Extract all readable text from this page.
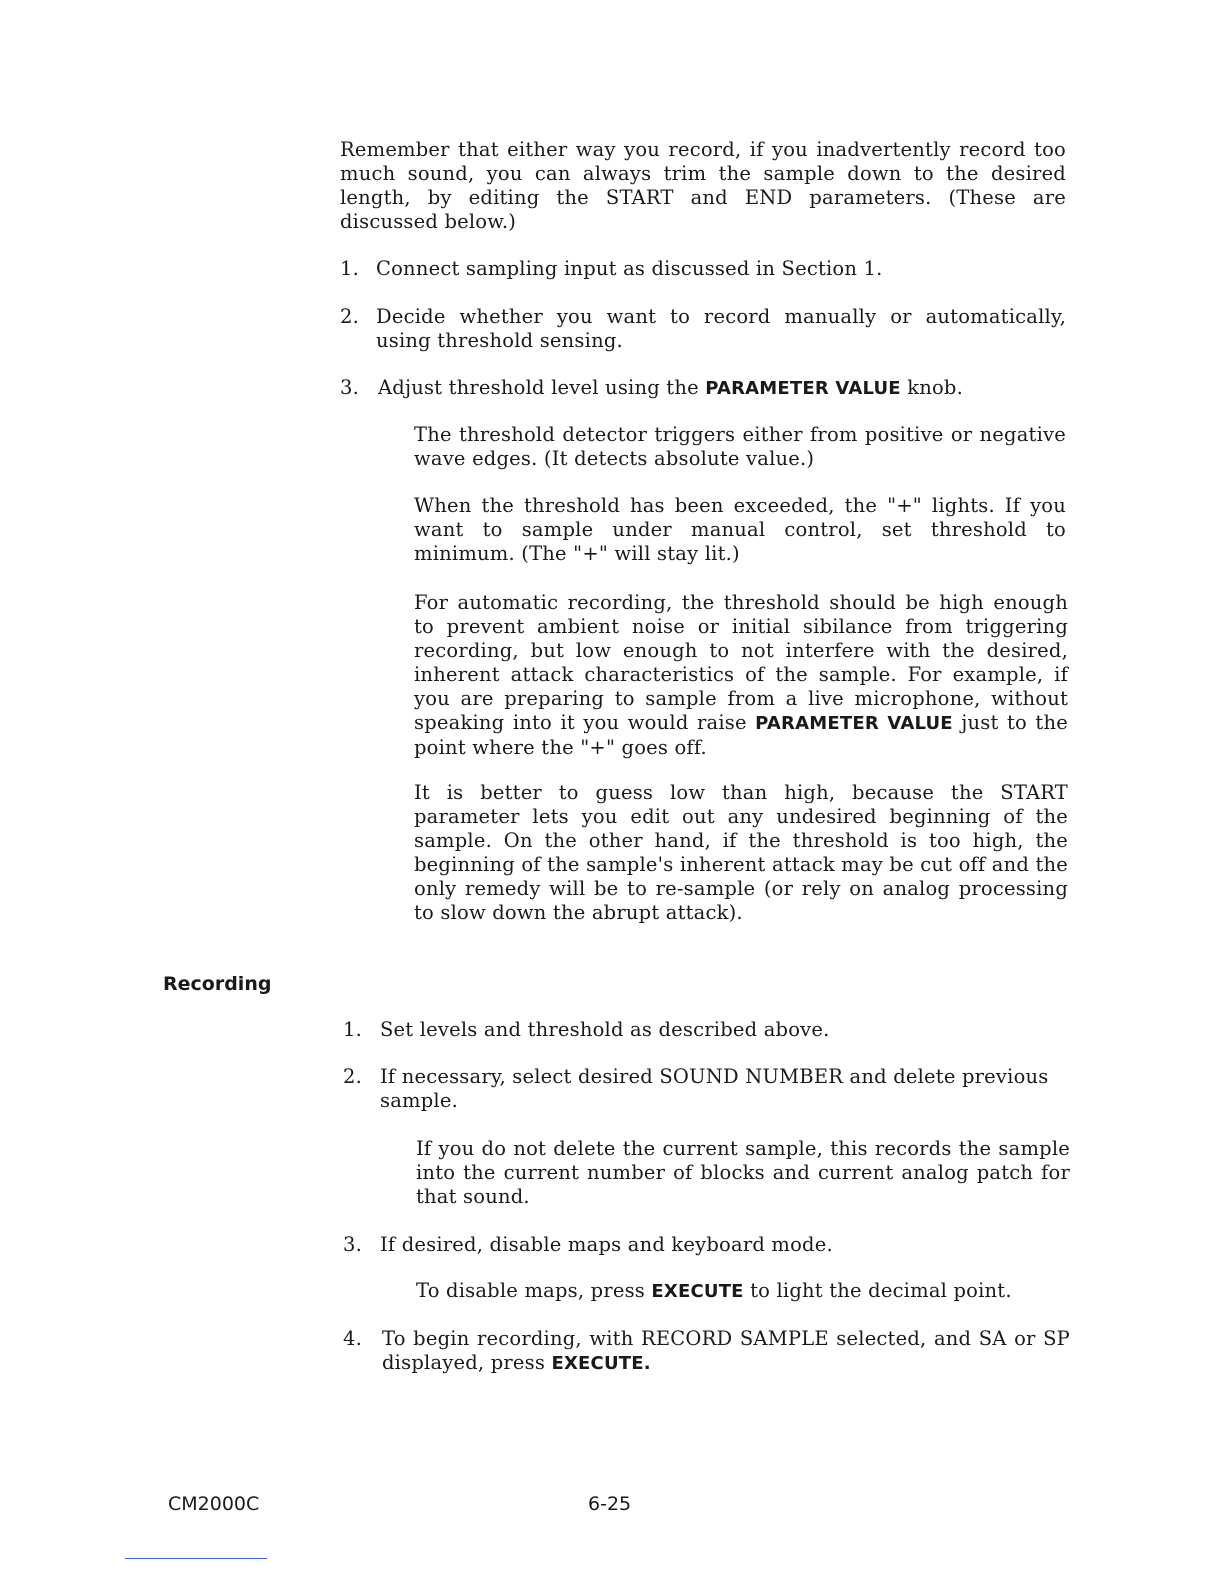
Remember that either way you record, if you inadvertently record too much sound, you can always trim the sample down to the desired length, by editing the START and END parameters. (These are discussed below.)

1. Connect sampling input as discussed in Section 1.

2. Decide whether you want to record manually or automatically, using threshold sensing.

3. Adjust threshold level using the PARAMETER VALUE knob.

The threshold detector triggers either from positive or negative wave edges. (It detects absolute value.)

When the threshold has been exceeded, the "+" lights. If you want to sample under manual control, set threshold to minimum. (The "+" will stay lit.)

For automatic recording, the threshold should be high enough to prevent ambient noise or initial sibilance from triggering recording, but low enough to not interfere with the desired, inherent attack characteristics of the sample. For example, if you are preparing to sample from a live microphone, without speaking into it you would raise PARAMETER VALUE just to the point where the "+" goes off.

It is better to guess low than high, because the START parameter lets you edit out any undesired beginning of the sample. On the other hand, if the threshold is too high, the beginning of the sample's inherent attack may be cut off and the only remedy will be to re-sample (or rely on analog processing to slow down the abrupt attack).

Recording
1. Set levels and threshold as described above.

2. If necessary, select desired SOUND NUMBER and delete previous sample.

If you do not delete the current sample, this records the sample into the current number of blocks and current analog patch for that sound.

3. If desired, disable maps and keyboard mode.

To disable maps, press EXECUTE to light the decimal point.

4. To begin recording, with RECORD SAMPLE selected, and SA or SP displayed, press EXECUTE.

CM2000C	6-25
